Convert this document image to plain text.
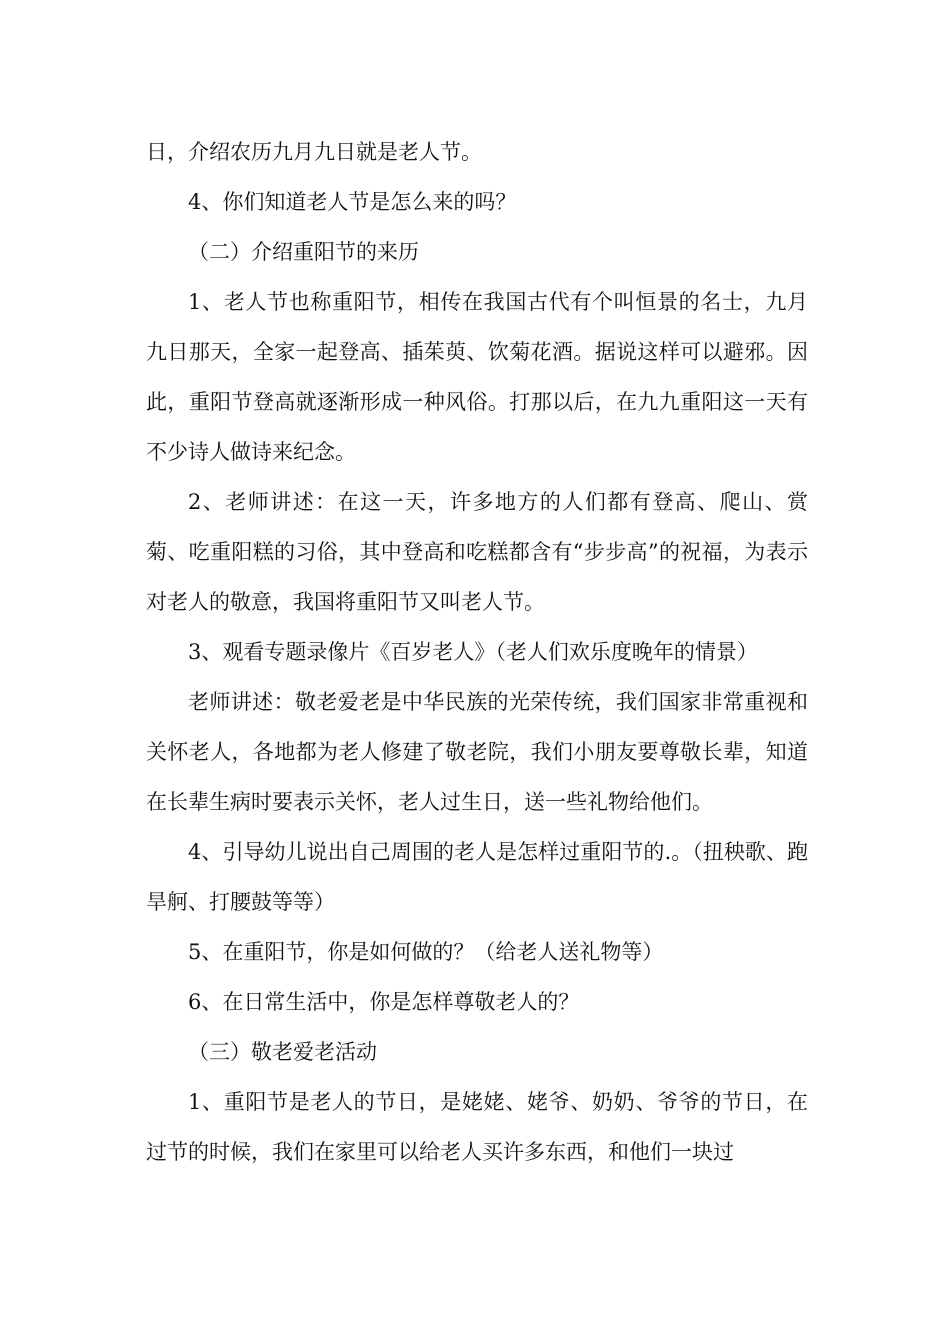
日，介绍农历九月九日就是老人节。

4、你们知道老人节是怎么来的吗？

（二）介绍重阳节的来历

1、老人节也称重阳节，相传在我国古代有个叫恒景的名士，九月九日那天，全家一起登高、插茱萸、饮菊花酒。据说这样可以避邪。因此，重阳节登高就逐渐形成一种风俗。打那以后，在九九重阳这一天有不少诗人做诗来纪念。

2、老师讲述：在这一天，许多地方的人们都有登高、爬山、赏菊、吃重阳糕的习俗，其中登高和吃糕都含有“步步高”的祝福，为表示对老人的敬意，我国将重阳节又叫老人节。

3、观看专题录像片《百岁老人》（老人们欢乐度晚年的情景）

老师讲述：敬老爱老是中华民族的光荣传统，我们国家非常重视和关怀老人，各地都为老人修建了敬老院，我们小朋友要尊敬长辈，知道在长辈生病时要表示关怀，老人过生日，送一些礼物给他们。

4、引导幼儿说出自己周围的老人是怎样过重阳节的.。（扭秧歌、跑旱舸、打腰鼓等等）

5、在重阳节，你是如何做的？（给老人送礼物等）

6、在日常生活中，你是怎样尊敬老人的？

（三）敬老爱老活动

1、重阳节是老人的节日，是姥姥、姥爷、奶奶、爷爷的节日，在过节的时候，我们在家里可以给老人买许多东西，和他们一块过
